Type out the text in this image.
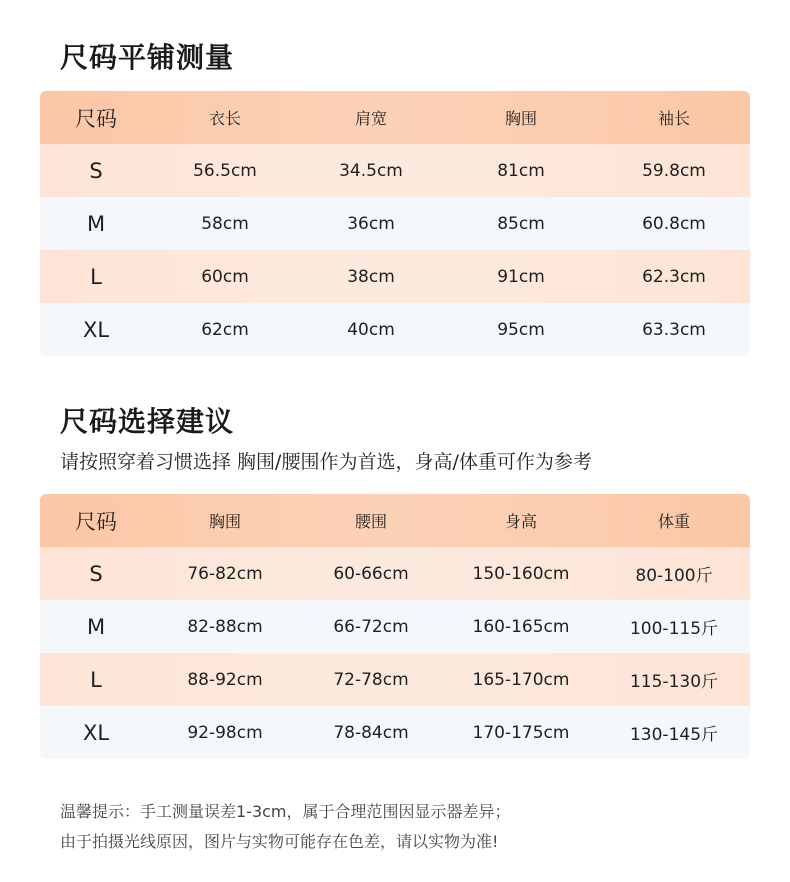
尺码平铺测量
尺码	衣长	肩宽	胸围	袖长
S	56.5cm	34.5cm	81cm	59.8cm
M	58cm	36cm	85cm	60.8cm
L	60cm	38cm	91cm	62.3cm
XL	62cm	40cm	95cm	63.3cm
尺码选择建议
请按照穿着习惯选择 胸围/腰围作为首选，身高/体重可作为参考
尺码	胸围	腰围	身高	体重
S	76-82cm	60-66cm	150-160cm	80-100斤
M	82-88cm	66-72cm	160-165cm	100-115斤
L	88-92cm	72-78cm	165-170cm	115-130斤
XL	92-98cm	78-84cm	170-175cm	130-145斤
温馨提示：手工测量误差1-3cm，属于合理范围因显示器差异；
由于拍摄光线原因，图片与实物可能存在色差，请以实物为准!
